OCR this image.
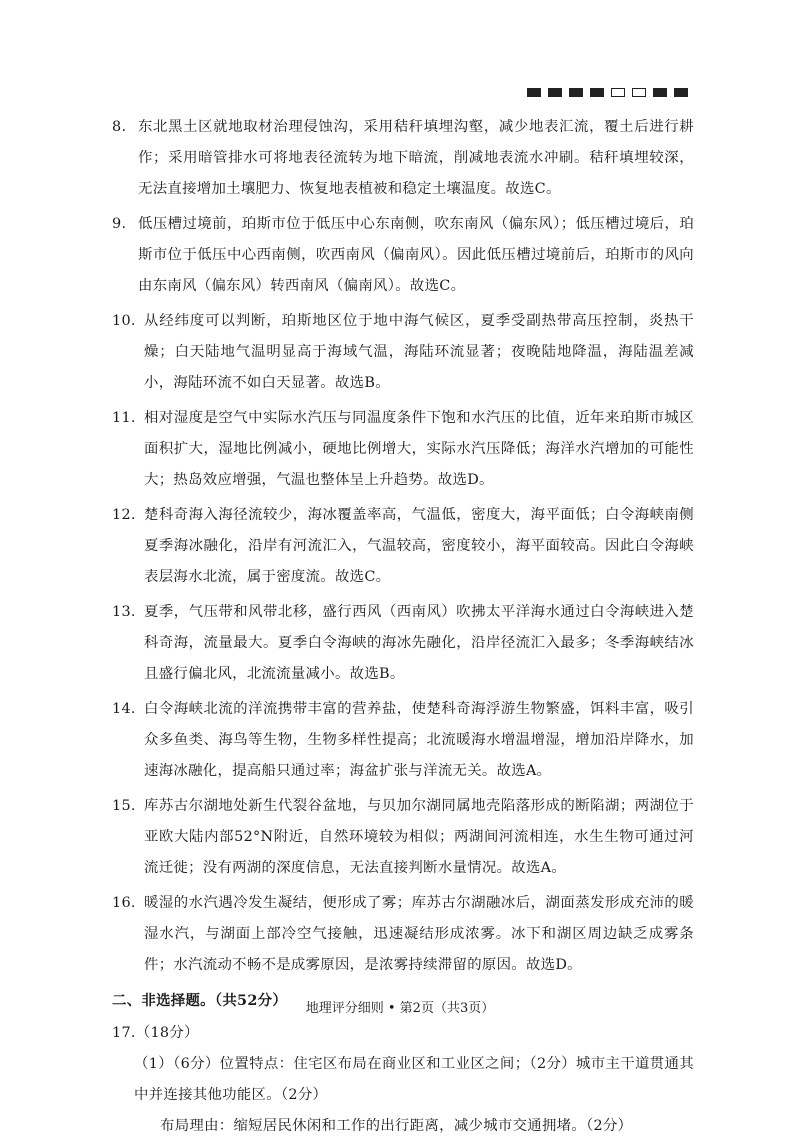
8. 东北黑土区就地取材治理侵蚀沟，采用秸秆填埋沟壑，减少地表汇流，覆土后进行耕作；采用暗管排水可将地表径流转为地下暗流，削减地表流水冲刷。秸秆填埋较深，无法直接增加土壤肥力、恢复地表植被和稳定土壤温度。故选C。
9. 低压槽过境前，珀斯市位于低压中心东南侧，吹东南风（偏东风）；低压槽过境后，珀斯市位于低压中心西南侧，吹西南风（偏南风）。因此低压槽过境前后，珀斯市的风向由东南风（偏东风）转西南风（偏南风）。故选C。
10. 从经纬度可以判断，珀斯地区位于地中海气候区，夏季受副热带高压控制，炎热干燥；白天陆地气温明显高于海域气温，海陆环流显著；夜晚陆地降温，海陆温差减小，海陆环流不如白天显著。故选B。
11. 相对湿度是空气中实际水汽压与同温度条件下饱和水汽压的比值，近年来珀斯市城区面积扩大，湿地比例减小，硬地比例增大，实际水汽压降低；海洋水汽增加的可能性大；热岛效应增强，气温也整体呈上升趋势。故选D。
12. 楚科奇海入海径流较少，海冰覆盖率高，气温低，密度大，海平面低；白令海峡南侧夏季海冰融化，沿岸有河流汇入，气温较高，密度较小，海平面较高。因此白令海峡表层海水北流，属于密度流。故选C。
13. 夏季，气压带和风带北移，盛行西风（西南风）吹拂太平洋海水通过白令海峡进入楚科奇海，流量最大。夏季白令海峡的海冰先融化，沿岸径流汇入最多；冬季海峡结冰且盛行偏北风，北流流量减小。故选B。
14. 白令海峡北流的洋流携带丰富的营养盐，使楚科奇海浮游生物繁盛，饵料丰富，吸引众多鱼类、海鸟等生物，生物多样性提高；北流暖海水增温增湿，增加沿岸降水，加速海冰融化，提高船只通过率；海盆扩张与洋流无关。故选A。
15. 库苏古尔湖地处新生代裂谷盆地，与贝加尔湖同属地壳陷落形成的断陷湖；两湖位于亚欧大陆内部52°N附近，自然环境较为相似；两湖间河流相连，水生生物可通过河流迁徙；没有两湖的深度信息，无法直接判断水量情况。故选A。
16. 暖湿的水汽遇冷发生凝结，便形成了雾；库苏古尔湖融冰后，湖面蒸发形成充沛的暖湿水汽，与湖面上部冷空气接触，迅速凝结形成浓雾。冰下和湖区周边缺乏成雾条件；水汽流动不畅不是成雾原因，是浓雾持续滞留的原因。故选D。
二、非选择题。（共52分）
17.（18分）
（1）（6分）位置特点：住宅区布局在商业区和工业区之间；（2分）城市主干道贯通其中并连接其他功能区。（2分）
布局理由：缩短居民休闲和工作的出行距离，减少城市交通拥堵。（2分）
地理评分细则 • 第2页（共3页）
